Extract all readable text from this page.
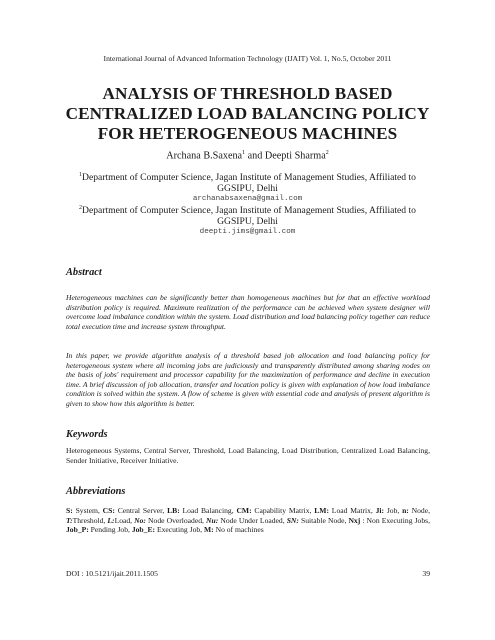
International Journal of Advanced Information Technology (IJAIT) Vol. 1, No.5, October 2011
ANALYSIS OF THRESHOLD BASED
CENTRALIZED LOAD BALANCING POLICY
FOR HETEROGENEOUS MACHINES
Archana B.Saxena$^1$ and Deepti Sharma$^2$
$^1$Department of Computer Science, Jagan Institute of Management Studies, Affiliated to
GGSIPU, Delhi
archanabsaxena@gmail.com
$^2$Department of Computer Science, Jagan Institute of Management Studies, Affiliated to
GGSIPU, Delhi
deepti.jims@gmail.com
Abstract
Heterogeneous machines can be significantly better than homogeneous machines but for that an effective workload distribution policy is required. Maximum realization of the performance can be achieved when system designer will overcome load imbalance condition within the system. Load distribution and load balancing policy together can reduce total execution time and increase system throughput.
In this paper, we provide algorithm analysis of a threshold based job allocation and load balancing policy for heterogeneous system where all incoming jobs are judiciously and transparently distributed among sharing nodes on the basis of jobs' requirement and processor capability for the maximization of performance and decline in execution time. A brief discussion of job allocation, transfer and location policy is given with explanation of how load imbalance condition is solved within the system. A flow of scheme is given with essential code and analysis of present algorithm is given to show how this algorithm is better.
Keywords
Heterogeneous Systems, Central Server, Threshold, Load Balancing, Load Distribution, Centralized Load Balancing, Sender Initiative, Receiver Initiative.
Abbreviations
S: System, CS: Central Server, LB: Load Balancing, CM: Capability Matrix, LM: Load Matrix, Ji: Job, n: Node, T:Threshold, L:Load, No: Node Overloaded, Nu: Node Under Loaded, SN: Suitable Node, Nxj : Non Executing Jobs, Job_P: Pending Job, Job_E: Executing Job, M: No of machines
DOI : 10.5121/ijait.2011.1505	39
